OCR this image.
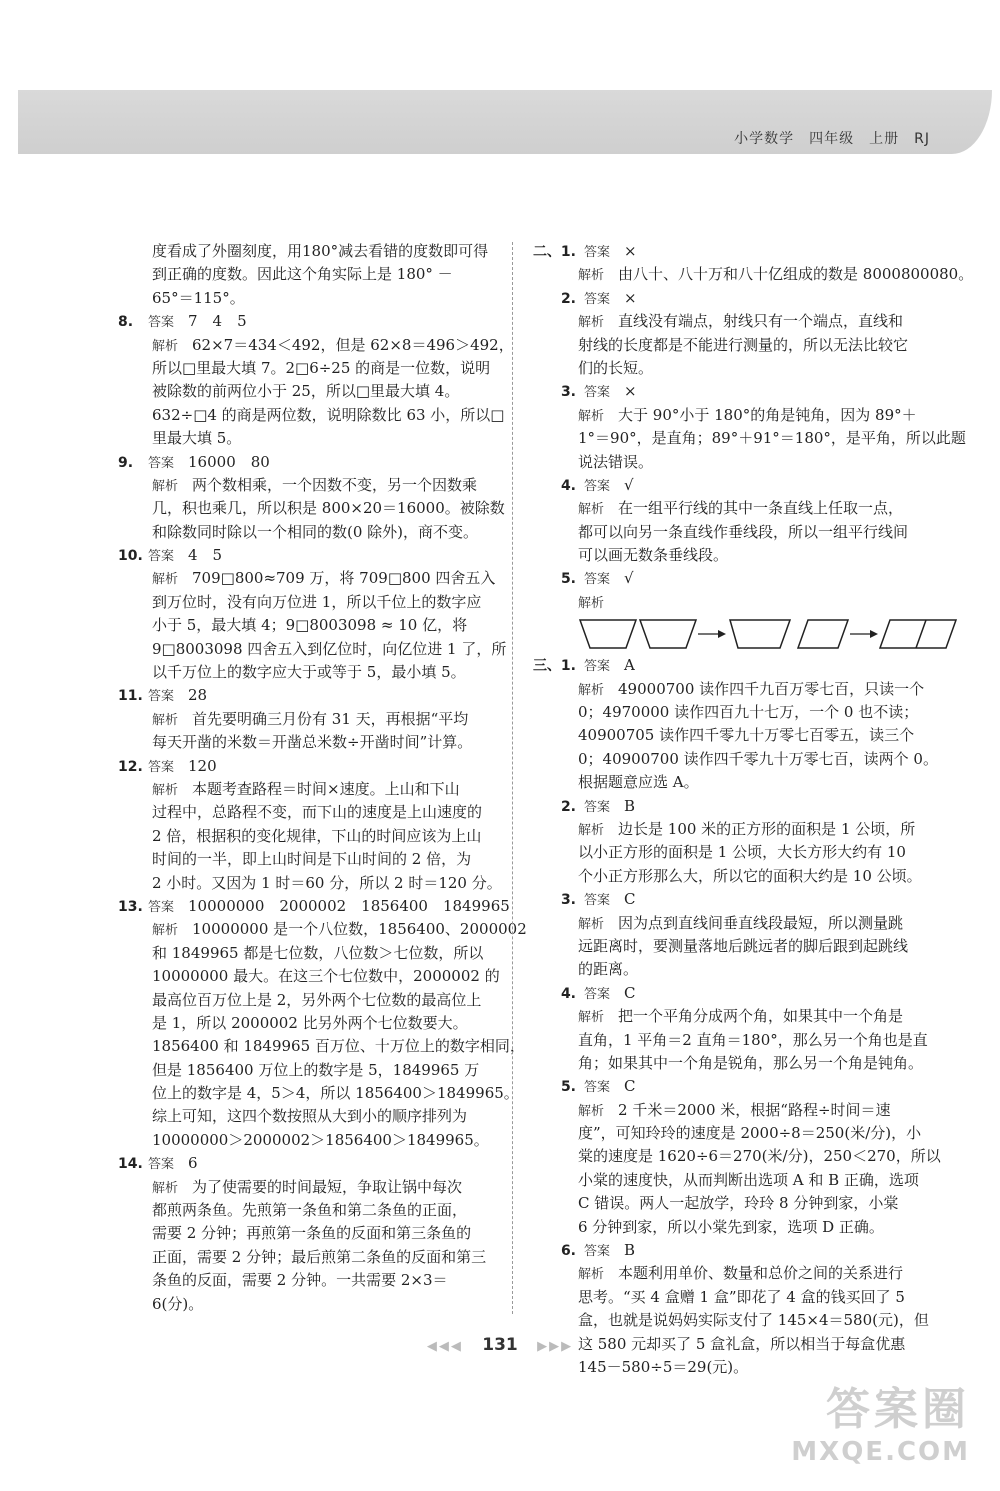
小学数学　四年级　上册　RJ
度看成了外圈刻度，用180°减去看错的度数即可得
到正确的度数。因此这个角实际上是 180° －
65°＝115°。
8. 答案 7　4　5
解析 62×7＝434＜492，但是 62×8＝496＞492，
所以□里最大填 7。2□6÷25 的商是一位数，说明
被除数的前两位小于 25，所以□里最大填 4。
632÷□4 的商是两位数，说明除数比 63 小，所以□
里最大填 5。
9. 答案 16000　80
解析 两个数相乘，一个因数不变，另一个因数乘
几，积也乘几，所以积是 800×20＝16000。被除数
和除数同时除以一个相同的数(0 除外)，商不变。
10. 答案 4　5
解析 709□800≈709 万，将 709□800 四舍五入
到万位时，没有向万位进 1，所以千位上的数字应
小于 5，最大填 4；9□8003098 ≈ 10 亿，将
9□8003098 四舍五入到亿位时，向亿位进 1 了，所
以千万位上的数字应大于或等于 5，最小填 5。
11. 答案 28
解析 首先要明确三月份有 31 天，再根据“平均
每天开凿的米数＝开凿总米数÷开凿时间”计算。
12. 答案 120
解析 本题考查路程＝时间×速度。上山和下山
过程中，总路程不变，而下山的速度是上山速度的
2 倍，根据积的变化规律，下山的时间应该为上山
时间的一半，即上山时间是下山时间的 2 倍，为
2 小时。又因为 1 时＝60 分，所以 2 时＝120 分。
13. 答案 10000000　2000002　1856400　1849965
解析 10000000 是一个八位数，1856400、2000002
和 1849965 都是七位数，八位数＞七位数，所以
10000000 最大。在这三个七位数中，2000002 的
最高位百万位上是 2，另外两个七位数的最高位上
是 1，所以 2000002 比另外两个七位数要大。
1856400 和 1849965 百万位、十万位上的数字相同，
但是 1856400 万位上的数字是 5，1849965 万
位上的数字是 4，5＞4，所以 1856400＞1849965。
综上可知，这四个数按照从大到小的顺序排列为
10000000＞2000002＞1856400＞1849965。
14. 答案 6
解析 为了使需要的时间最短，争取让锅中每次
都煎两条鱼。先煎第一条鱼和第二条鱼的正面，
需要 2 分钟；再煎第一条鱼的反面和第三条鱼的
正面，需要 2 分钟；最后煎第二条鱼的反面和第三
条鱼的反面，需要 2 分钟。一共需要 2×3＝
6(分)。
二、1. 答案 ×
解析 由八十、八十万和八十亿组成的数是 8000800080。
2. 答案 ×
解析 直线没有端点，射线只有一个端点，直线和
射线的长度都是不能进行测量的，所以无法比较它
们的长短。
3. 答案 ×
解析 大于 90°小于 180°的角是钝角，因为 89°＋
1°＝90°，是直角；89°＋91°＝180°，是平角，所以此题
说法错误。
4. 答案 √
解析 在一组平行线的其中一条直线上任取一点，
都可以向另一条直线作垂线段，所以一组平行线间
可以画无数条垂线段。
5. 答案 √
解析
三、1. 答案 A
解析 49000700 读作四千九百万零七百，只读一个
0；4970000 读作四百九十七万，一个 0 也不读；
40900705 读作四千零九十万零七百零五，读三个
0；40900700 读作四千零九十万零七百，读两个 0。
根据题意应选 A。
2. 答案 B
解析 边长是 100 米的正方形的面积是 1 公顷，所
以小正方形的面积是 1 公顷，大长方形大约有 10
个小正方形那么大，所以它的面积大约是 10 公顷。
3. 答案 C
解析 因为点到直线间垂直线段最短，所以测量跳
远距离时，要测量落地后跳远者的脚后跟到起跳线
的距离。
4. 答案 C
解析 把一个平角分成两个角，如果其中一个角是
直角，1 平角＝2 直角＝180°，那么另一个角也是直
角；如果其中一个角是锐角，那么另一个角是钝角。
5. 答案 C
解析 2 千米＝2000 米，根据“路程÷时间＝速
度”，可知玲玲的速度是 2000÷8＝250(米/分)，小
棠的速度是 1620÷6＝270(米/分)，250＜270，所以
小棠的速度快，从而判断出选项 A 和 B 正确，选项
C 错误。两人一起放学，玲玲 8 分钟到家，小棠
6 分钟到家，所以小棠先到家，选项 D 正确。
6. 答案 B
解析 本题利用单价、数量和总价之间的关系进行
思考。“买 4 盒赠 1 盒”即花了 4 盒的钱买回了 5
盒，也就是说妈妈实际支付了 145×4＝580(元)，但
这 580 元却买了 5 盒礼盒，所以相当于每盒优惠
145－580÷5＝29(元)。
◀◀◀ 131 ▶▶▶
答案圈
MXQE.COM
